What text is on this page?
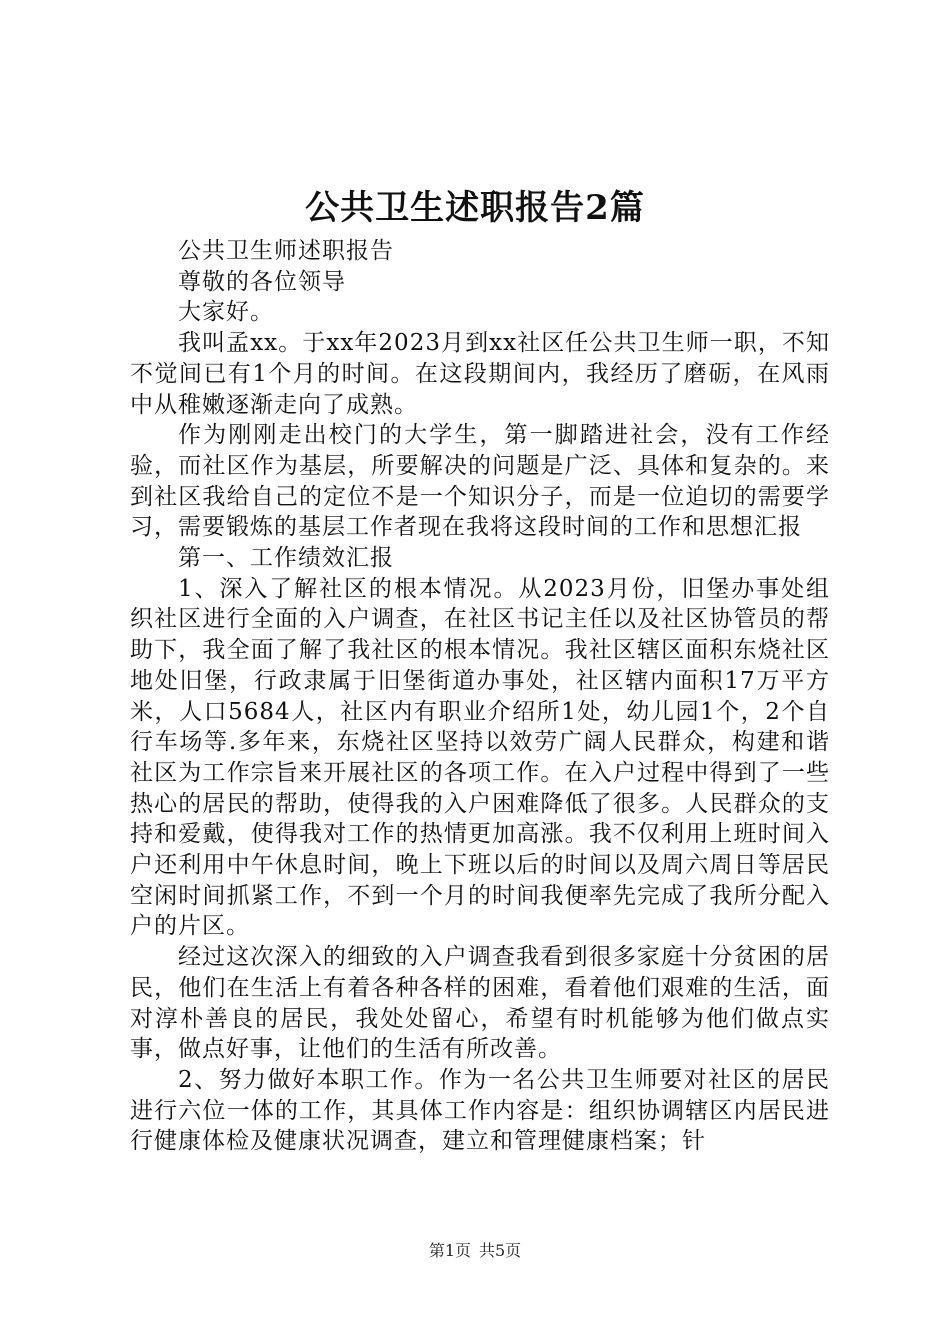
公共卫生述职报告2篇

公共卫生师述职报告

尊敬的各位领导

大家好。

我叫孟xx。于xx年2023月到xx社区任公共卫生师一职，不知不觉间已有1个月的时间。在这段期间内，我经历了磨砺，在风雨中从稚嫩逐渐走向了成熟。

作为刚刚走出校门的大学生，第一脚踏进社会，没有工作经验，而社区作为基层，所要解决的问题是广泛、具体和复杂的。来到社区我给自己的定位不是一个知识分子，而是一位迫切的需要学习，需要锻炼的基层工作者现在我将这段时间的工作和思想汇报

第一、工作绩效汇报

1、深入了解社区的根本情况。从2023月份，旧堡办事处组织社区进行全面的入户调查，在社区书记主任以及社区协管员的帮助下，我全面了解了我社区的根本情况。我社区辖区面积东烧社区地处旧堡，行政隶属于旧堡街道办事处，社区辖内面积17万平方米，人口5684人，社区内有职业介绍所1处，幼儿园1个，2个自行车场等.多年来，东烧社区坚持以效劳广阔人民群众，构建和谐社区为工作宗旨来开展社区的各项工作。在入户过程中得到了一些热心的居民的帮助，使得我的入户困难降低了很多。人民群众的支持和爱戴，使得我对工作的热情更加高涨。我不仅利用上班时间入户还利用中午休息时间，晚上下班以后的时间以及周六周日等居民空闲时间抓紧工作，不到一个月的时间我便率先完成了我所分配入户的片区。

经过这次深入的细致的入户调查我看到很多家庭十分贫困的居民，他们在生活上有着各种各样的困难，看着他们艰难的生活，面对淳朴善良的居民，我处处留心，希望有时机能够为他们做点实事，做点好事，让他们的生活有所改善。

2、努力做好本职工作。作为一名公共卫生师要对社区的居民进行六位一体的工作，其具体工作内容是：组织协调辖区内居民进行健康体检及健康状况调查，建立和管理健康档案；针

第1页 共5页
